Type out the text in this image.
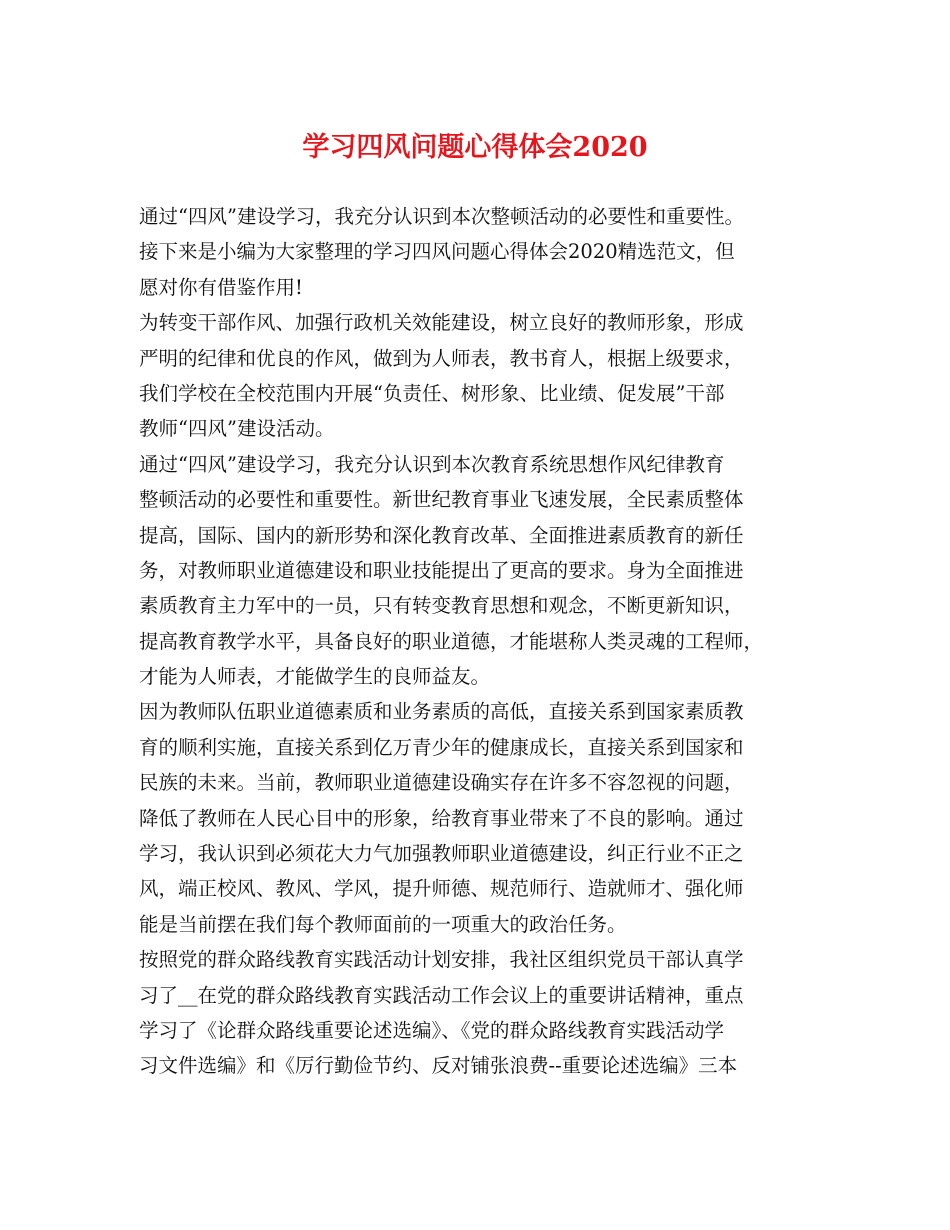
学习四风问题心得体会2020
通过“四风”建设学习，我充分认识到本次整顿活动的必要性和重要性。
接下来是小编为大家整理的学习四风问题心得体会2020精选范文，但
愿对你有借鉴作用!
为转变干部作风、加强行政机关效能建设，树立良好的教师形象，形成
严明的纪律和优良的作风，做到为人师表，教书育人，根据上级要求，
我们学校在全校范围内开展“负责任、树形象、比业绩、促发展”干部
教师“四风”建设活动。
通过“四风”建设学习，我充分认识到本次教育系统思想作风纪律教育
整顿活动的必要性和重要性。新世纪教育事业飞速发展，全民素质整体
提高，国际、国内的新形势和深化教育改革、全面推进素质教育的新任
务，对教师职业道德建设和职业技能提出了更高的要求。身为全面推进
素质教育主力军中的一员，只有转变教育思想和观念，不断更新知识，
提高教育教学水平，具备良好的职业道德，才能堪称人类灵魂的工程师，
才能为人师表，才能做学生的良师益友。
因为教师队伍职业道德素质和业务素质的高低，直接关系到国家素质教
育的顺利实施，直接关系到亿万青少年的健康成长，直接关系到国家和
民族的未来。当前，教师职业道德建设确实存在许多不容忽视的问题，
降低了教师在人民心目中的形象，给教育事业带来了不良的影响。通过
学习，我认识到必须花大力气加强教师职业道德建设，纠正行业不正之
风，端正校风、教风、学风，提升师德、规范师行、造就师才、强化师
能是当前摆在我们每个教师面前的一项重大的政治任务。
按照党的群众路线教育实践活动计划安排，我社区组织党员干部认真学
习了__在党的群众路线教育实践活动工作会议上的重要讲话精神，重点
学习了《论群众路线重要论述选编》、《党的群众路线教育实践活动学
习文件选编》和《厉行勤俭节约、反对铺张浪费--重要论述选编》三本
